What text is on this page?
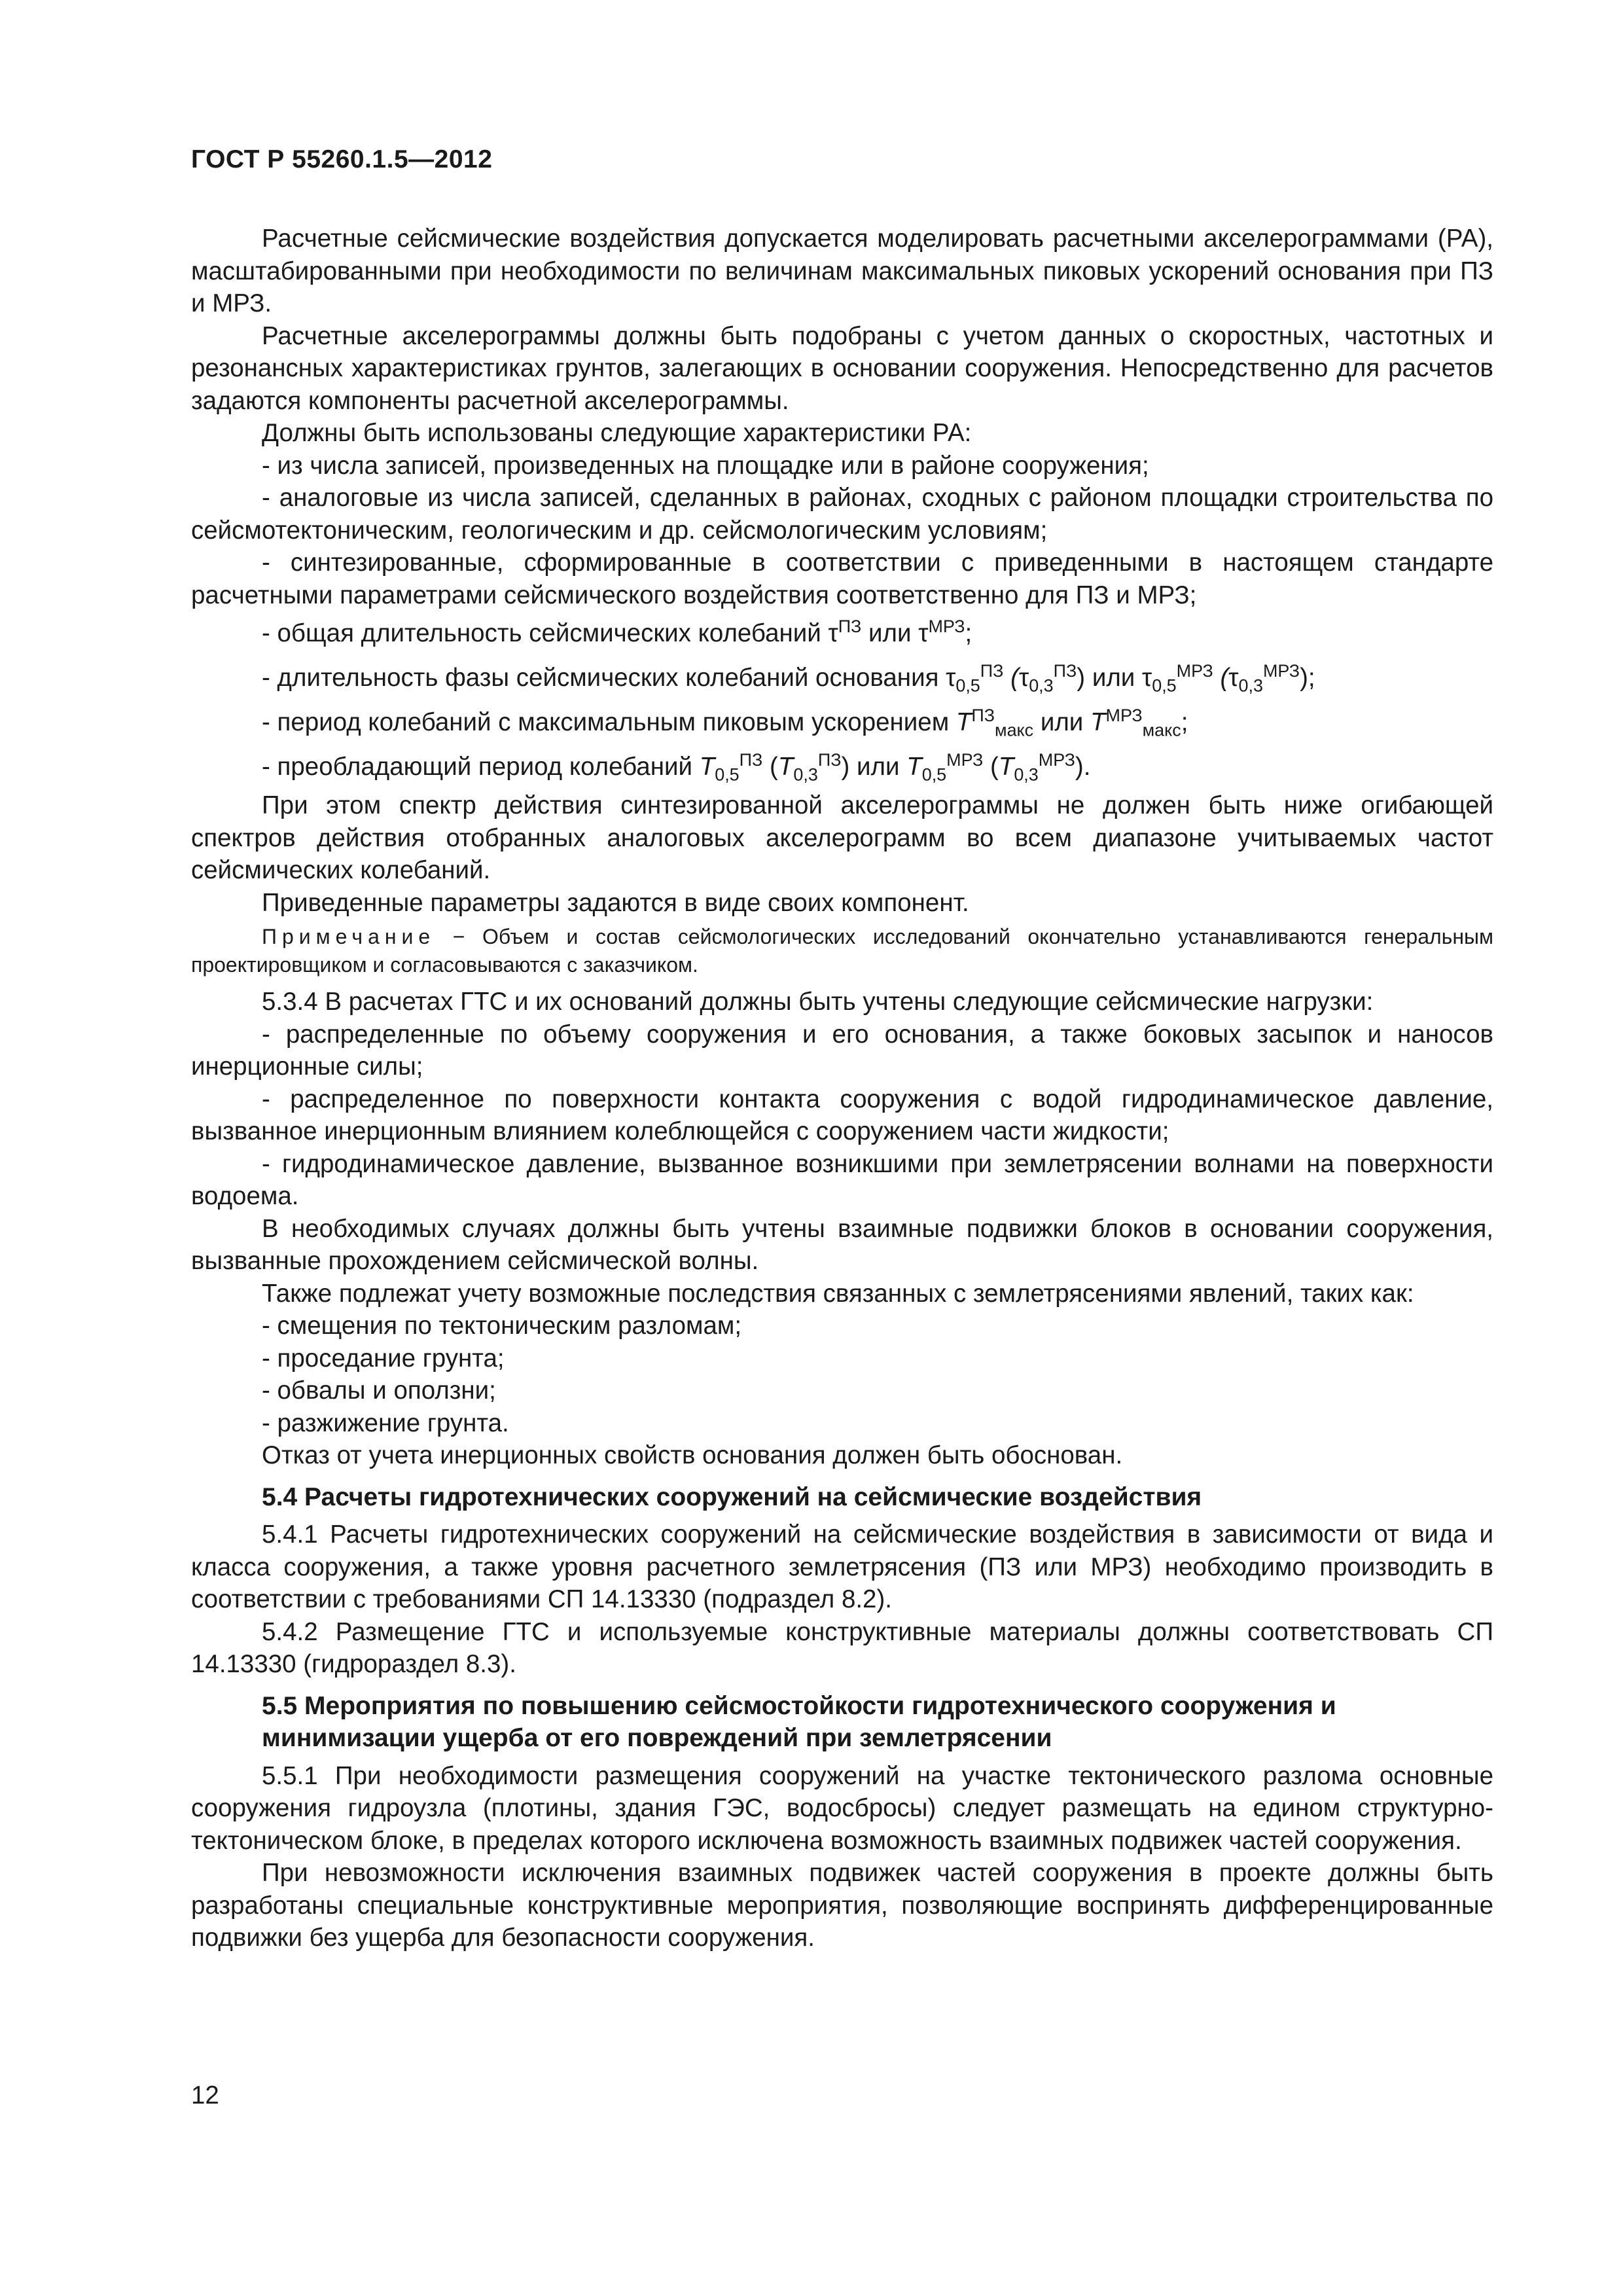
ГОСТ Р 55260.1.5—2012

Расчетные сейсмические воздействия допускается моделировать расчетными акселерограммами (РА), масштабированными при необходимости по величинам максимальных пиковых ускорений основания при ПЗ и МРЗ.

Расчетные акселерограммы должны быть подобраны с учетом данных о скоростных, частотных и резонансных характеристиках грунтов, залегающих в основании сооружения. Непосредственно для расчетов задаются компоненты расчетной акселерограммы.

Должны быть использованы следующие характеристики РА:

- из числа записей, произведенных на площадке или в районе сооружения;

- аналоговые из числа записей, сделанных в районах, сходных с районом площадки строительства по сейсмотектоническим, геологическим и др. сейсмологическим условиям;

- синтезированные, сформированные в соответствии с приведенными в настоящем стандарте расчетными параметрами сейсмического воздействия соответственно для ПЗ и МРЗ;

- общая длительность сейсмических колебаний $\tau^{ПЗ}$ или $\tau^{МРЗ}$;

- длительность фазы сейсмических колебаний основания $\tau_{0,5}^{ПЗ}$ $(\tau_{0,3}^{ПЗ})$ или $\tau_{0,5}^{МРЗ}$ $(\tau_{0,3}^{МРЗ})$;

- период колебаний с максимальным пиковым ускорением $T^{ПЗ}_{макс}$ или $T^{МРЗ}_{макс}$;

- преобладающий период колебаний $T_{0,5}^{ПЗ}$ $(T_{0,3}^{ПЗ})$ или $T_{0,5}^{МРЗ}$ $(T_{0,3}^{МРЗ})$.

При этом спектр действия синтезированной акселерограммы не должен быть ниже огибающей спектров действия отобранных аналоговых акселерограмм во всем диапазоне учитываемых частот сейсмических колебаний.

Приведенные параметры задаются в виде своих компонент.

Примечание − Объем и состав сейсмологических исследований окончательно устанавливаются генеральным проектировщиком и согласовываются с заказчиком.

5.3.4 В расчетах ГТС и их оснований должны быть учтены следующие сейсмические нагрузки:

- распределенные по объему сооружения и его основания, а также боковых засыпок и наносов инерционные силы;

- распределенное по поверхности контакта сооружения с водой гидродинамическое давление, вызванное инерционным влиянием колеблющейся с сооружением части жидкости;

- гидродинамическое давление, вызванное возникшими при землетрясении волнами на поверхности водоема.

В необходимых случаях должны быть учтены взаимные подвижки блоков в основании сооружения, вызванные прохождением сейсмической волны.

Также подлежат учету возможные последствия связанных с землетрясениями явлений, таких как:

- смещения по тектоническим разломам;

- проседание грунта;

- обвалы и оползни;

- разжижение грунта.

Отказ от учета инерционных свойств основания должен быть обоснован.

5.4 Расчеты гидротехнических сооружений на сейсмические воздействия

5.4.1 Расчеты гидротехнических сооружений на сейсмические воздействия в зависимости от вида и класса сооружения, а также уровня расчетного землетрясения (ПЗ или МРЗ) необходимо производить в соответствии с требованиями СП 14.13330 (подраздел 8.2).

5.4.2 Размещение ГТС и используемые конструктивные материалы должны соответствовать СП 14.13330 (гидрораздел 8.3).

5.5 Мероприятия по повышению сейсмостойкости гидротехнического сооружения и минимизации ущерба от его повреждений при землетрясении

5.5.1 При необходимости размещения сооружений на участке тектонического разлома основные сооружения гидроузла (плотины, здания ГЭС, водосбросы) следует размещать на едином структурно-тектоническом блоке, в пределах которого исключена возможность взаимных подвижек частей сооружения.

При невозможности исключения взаимных подвижек частей сооружения в проекте должны быть разработаны специальные конструктивные мероприятия, позволяющие воспринять дифференцированные подвижки без ущерба для безопасности сооружения.

12
